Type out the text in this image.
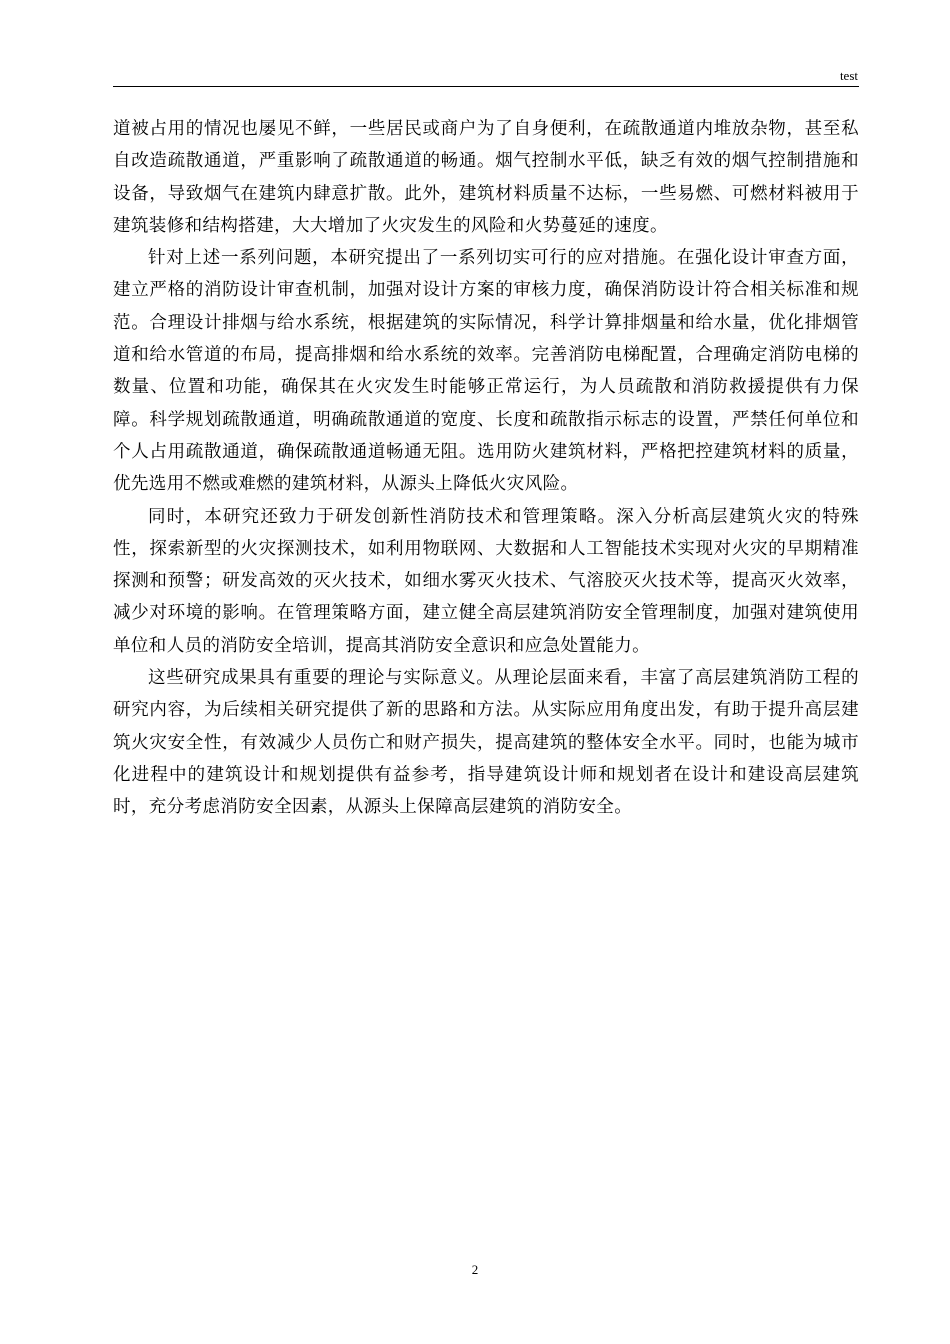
test

道被占用的情况也屡见不鲜，一些居民或商户为了自身便利，在疏散通道内堆放杂物，甚至私自改造疏散通道，严重影响了疏散通道的畅通。烟气控制水平低，缺乏有效的烟气控制措施和设备，导致烟气在建筑内肆意扩散。此外，建筑材料质量不达标，一些易燃、可燃材料被用于建筑装修和结构搭建，大大增加了火灾发生的风险和火势蔓延的速度。

针对上述一系列问题，本研究提出了一系列切实可行的应对措施。在强化设计审查方面，建立严格的消防设计审查机制，加强对设计方案的审核力度，确保消防设计符合相关标准和规范。合理设计排烟与给水系统，根据建筑的实际情况，科学计算排烟量和给水量，优化排烟管道和给水管道的布局，提高排烟和给水系统的效率。完善消防电梯配置，合理确定消防电梯的数量、位置和功能，确保其在火灾发生时能够正常运行，为人员疏散和消防救援提供有力保障。科学规划疏散通道，明确疏散通道的宽度、长度和疏散指示标志的设置，严禁任何单位和个人占用疏散通道，确保疏散通道畅通无阻。选用防火建筑材料，严格把控建筑材料的质量，优先选用不燃或难燃的建筑材料，从源头上降低火灾风险。

同时，本研究还致力于研发创新性消防技术和管理策略。深入分析高层建筑火灾的特殊性，探索新型的火灾探测技术，如利用物联网、大数据和人工智能技术实现对火灾的早期精准探测和预警；研发高效的灭火技术，如细水雾灭火技术、气溶胶灭火技术等，提高灭火效率，减少对环境的影响。在管理策略方面，建立健全高层建筑消防安全管理制度，加强对建筑使用单位和人员的消防安全培训，提高其消防安全意识和应急处置能力。

这些研究成果具有重要的理论与实际意义。从理论层面来看，丰富了高层建筑消防工程的研究内容，为后续相关研究提供了新的思路和方法。从实际应用角度出发，有助于提升高层建筑火灾安全性，有效减少人员伤亡和财产损失，提高建筑的整体安全水平。同时，也能为城市化进程中的建筑设计和规划提供有益参考，指导建筑设计师和规划者在设计和建设高层建筑时，充分考虑消防安全因素，从源头上保障高层建筑的消防安全。

2
